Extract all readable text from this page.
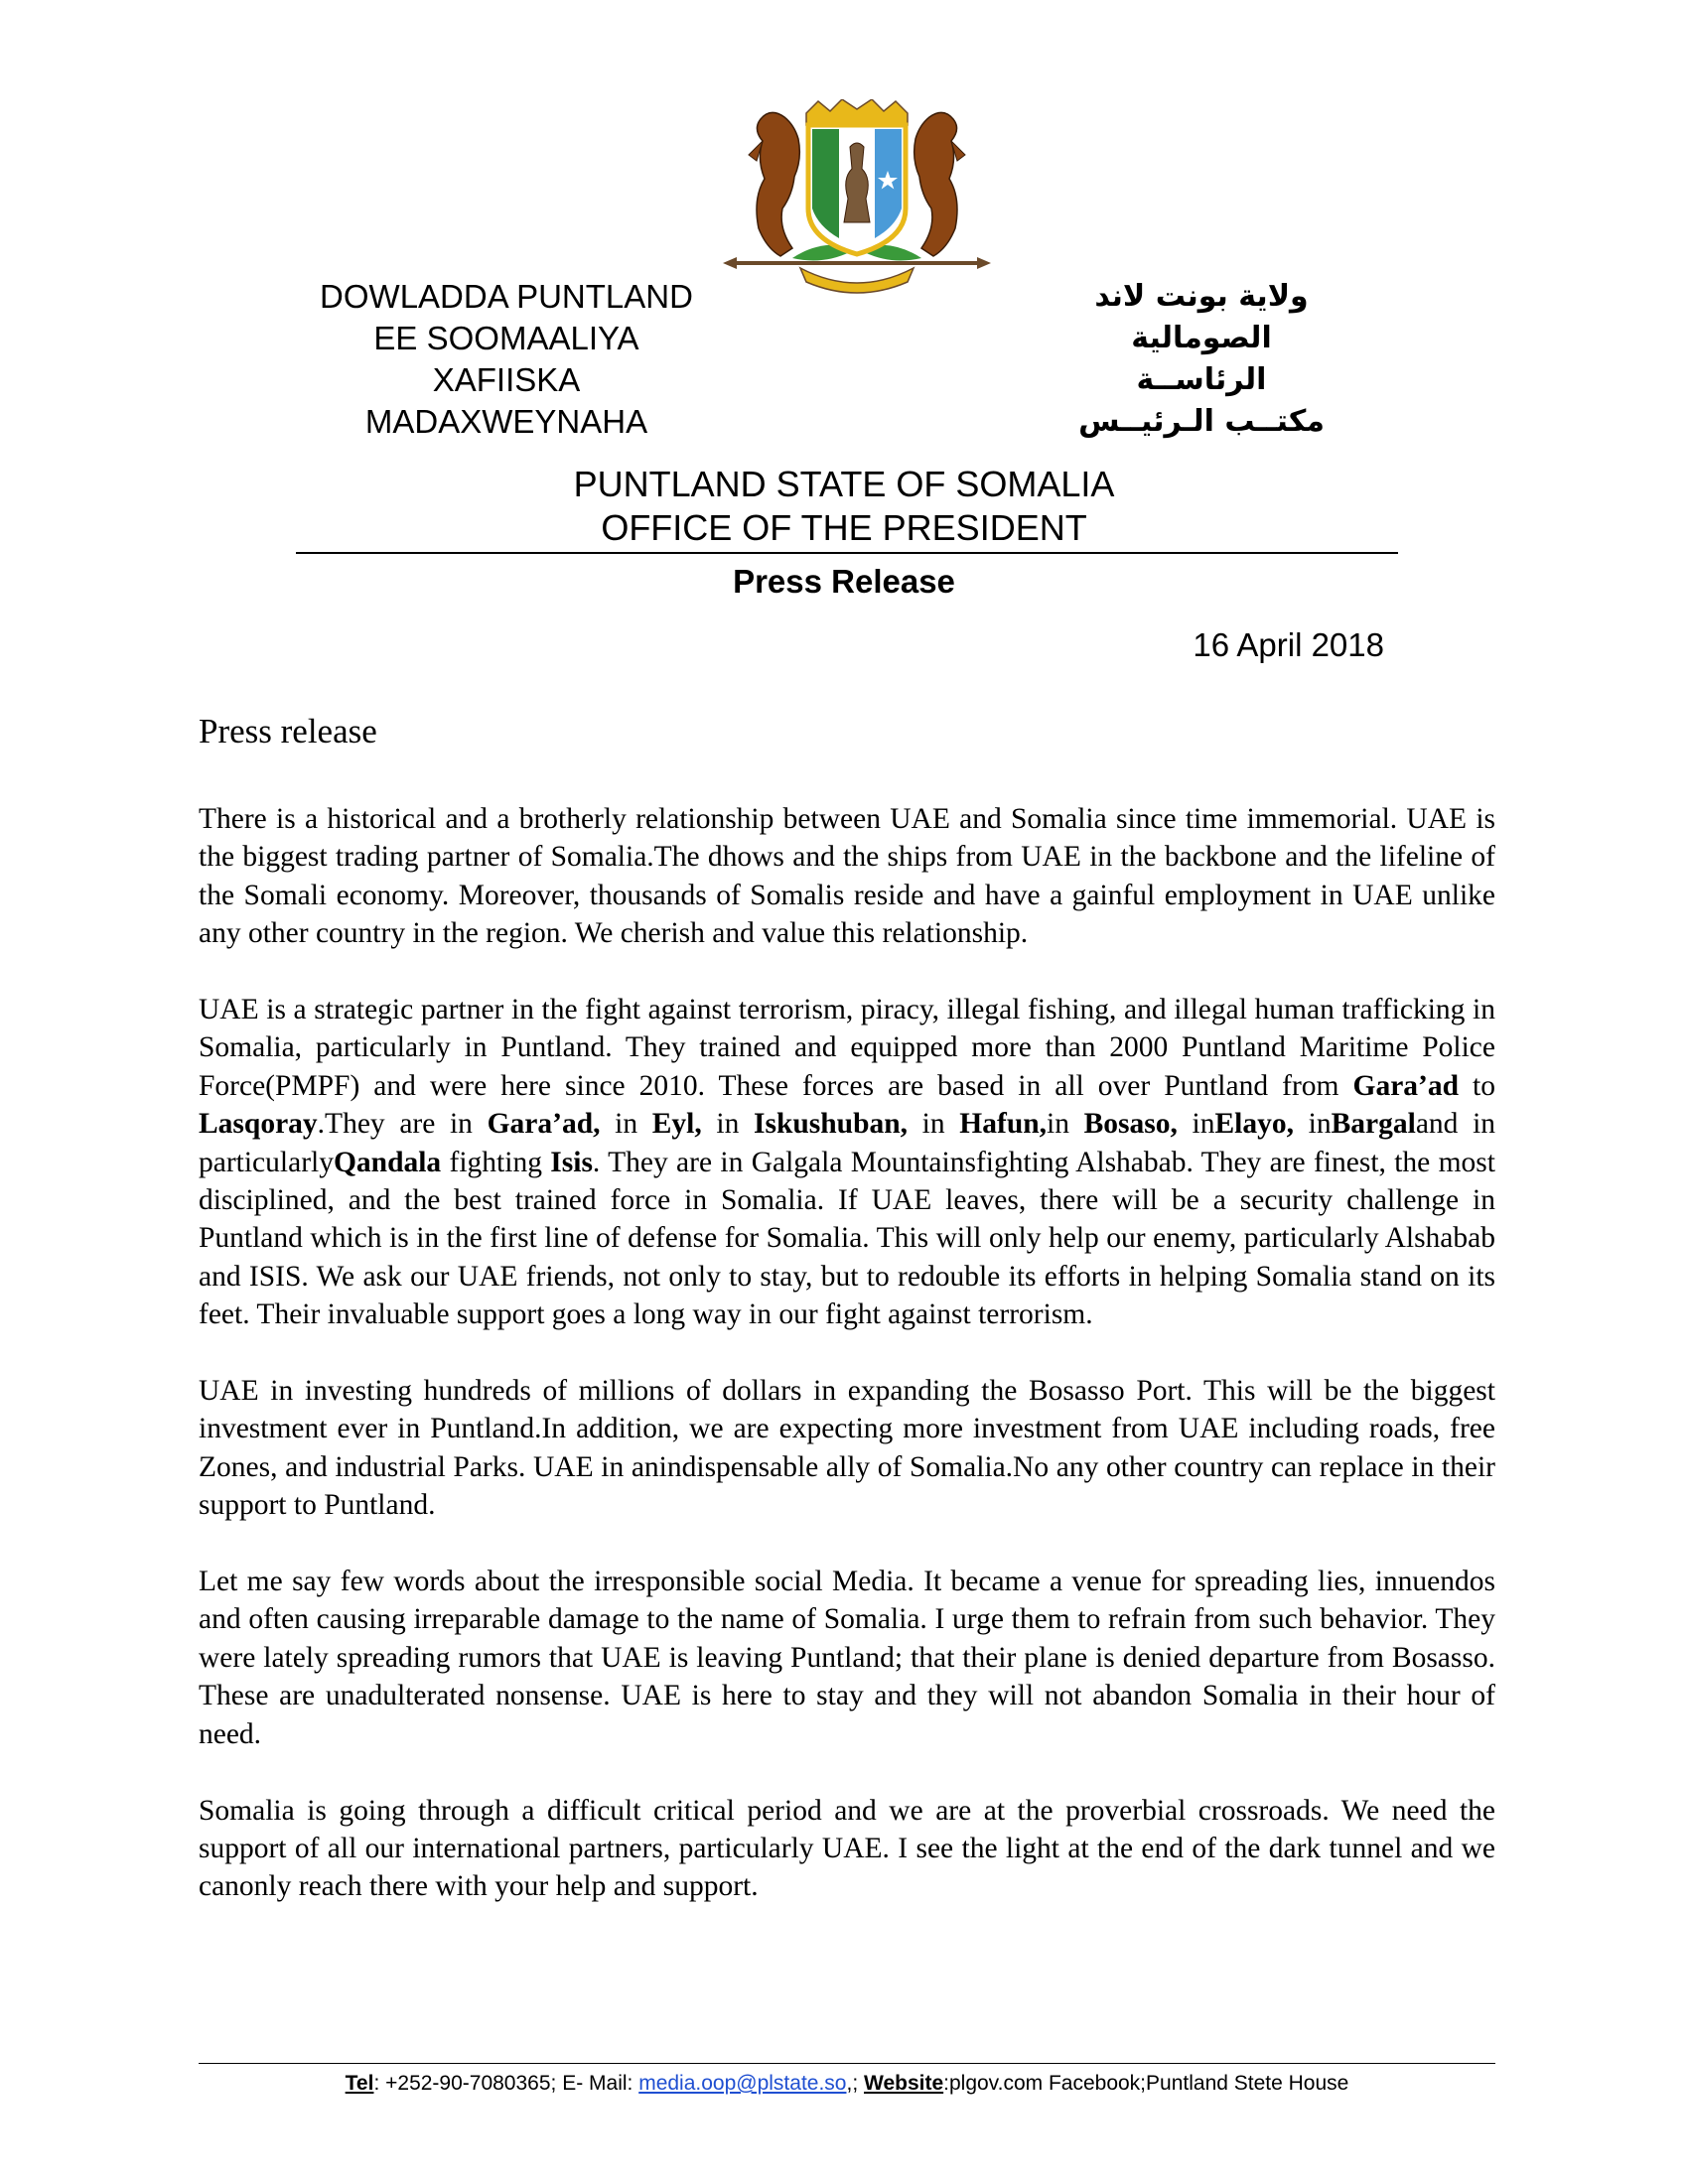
DOWLADDA PUNTLAND
EE SOOMAALIYA
XAFIISKA
MADAXWEYNAHA
ولاية بونت لاند
الصومالية
الرئاســة
مكتــب الـرئيــس
PUNTLAND STATE OF SOMALIA
OFFICE OF THE PRESIDENT
Press Release
16 April 2018
Press release

There is a historical and a brotherly relationship between UAE and Somalia since time immemorial. UAE is the biggest trading partner of Somalia.The dhows and the ships from UAE in the backbone and the lifeline of the Somali economy. Moreover, thousands of Somalis reside and have a gainful employment in UAE unlike any other country in the region. We cherish and value this relationship.

UAE is a strategic partner in the fight against terrorism, piracy, illegal fishing, and illegal human trafficking in Somalia, particularly in Puntland. They trained and equipped more than 2000 Puntland Maritime Police Force(PMPF) and were here since 2010. These forces are based in all over Puntland from Gara’ad to Lasqoray.They are in Gara’ad, in Eyl, in Iskushuban, in Hafun,in Bosaso, inElayo, inBargaland in particularlyQandala fighting Isis. They are in Galgala Mountainsfighting Alshabab. They are finest, the most disciplined, and the best trained force in Somalia. If UAE leaves, there will be a security challenge in Puntland which is in the first line of defense for Somalia. This will only help our enemy, particularly Alshabab and ISIS. We ask our UAE friends, not only to stay, but to redouble its efforts in helping Somalia stand on its feet. Their invaluable support goes a long way in our fight against terrorism.

UAE in investing hundreds of millions of dollars in expanding the Bosasso Port. This will be the biggest investment ever in Puntland.In addition, we are expecting more investment from UAE including roads, free Zones, and industrial Parks. UAE in anindispensable ally of Somalia.No any other country can replace in their support to Puntland.

Let me say few words about the irresponsible social Media. It became a venue for spreading lies, innuendos and often causing irreparable damage to the name of Somalia. I urge them to refrain from such behavior. They were lately spreading rumors that UAE is leaving Puntland; that their plane is denied departure from Bosasso. These are unadulterated nonsense. UAE is here to stay and they will not abandon Somalia in their hour of need.

Somalia is going through a difficult critical period and we are at the proverbial crossroads. We need the support of all our international partners, particularly UAE. I see the light at the end of the dark tunnel and we canonly reach there with your help and support.

Tel: +252-90-7080365; E- Mail: media.oop@plstate.so,; Website:plgov.com Facebook;Puntland Stete House
